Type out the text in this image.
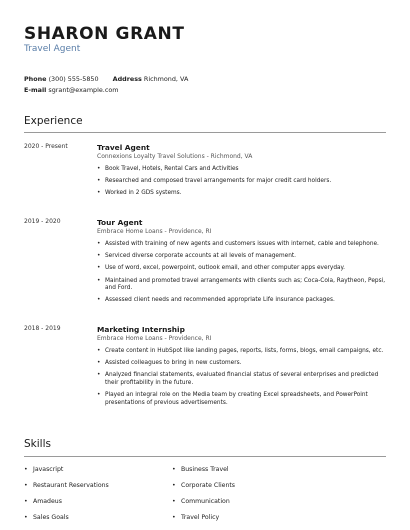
SHARON GRANT
Travel Agent
Phone (300) 555-5850 Address Richmond, VA
E-mail sgrant@example.com
Experience
2020 - Present	Travel Agent
Connexions Loyalty Travel Solutions - Richmond, VA
• Book Travel, Hotels, Rental Cars and Activities
• Researched and composed travel arrangements for major credit card holders.
• Worked in 2 GDS systems.
2019 - 2020	Tour Agent
Embrace Home Loans - Providence, RI
• Assisted with training of new agents and customers issues with internet, cable and telephone.
• Serviced diverse corporate accounts at all levels of management.
• Use of word, excel, powerpoint, outlook email, and other computer apps everyday.
• Maintained and promoted travel arrangements with clients such as; Coca-Cola, Raytheon, Pepsi, and Ford.
• Assessed client needs and recommended appropriate Life insurance packages.
2018 - 2019	Marketing Internship
Embrace Home Loans - Providence, RI
• Create content in HubSpot like landing pages, reports, lists, forms, blogs, email campaigns, etc.
• Assisted colleagues to bring in new customers.
• Analyzed financial statements, evaluated financial status of several enterprises and predicted their profitability in the future.
• Played an integral role on the Media team by creating Excel spreadsheets, and PowerPoint presentations of previous advertisements.
Skills
• Javascript
• Restaurant Reservations
• Amadeus
• Sales Goals
• Business Travel
• Corporate Clients
• Communication
• Travel Policy
